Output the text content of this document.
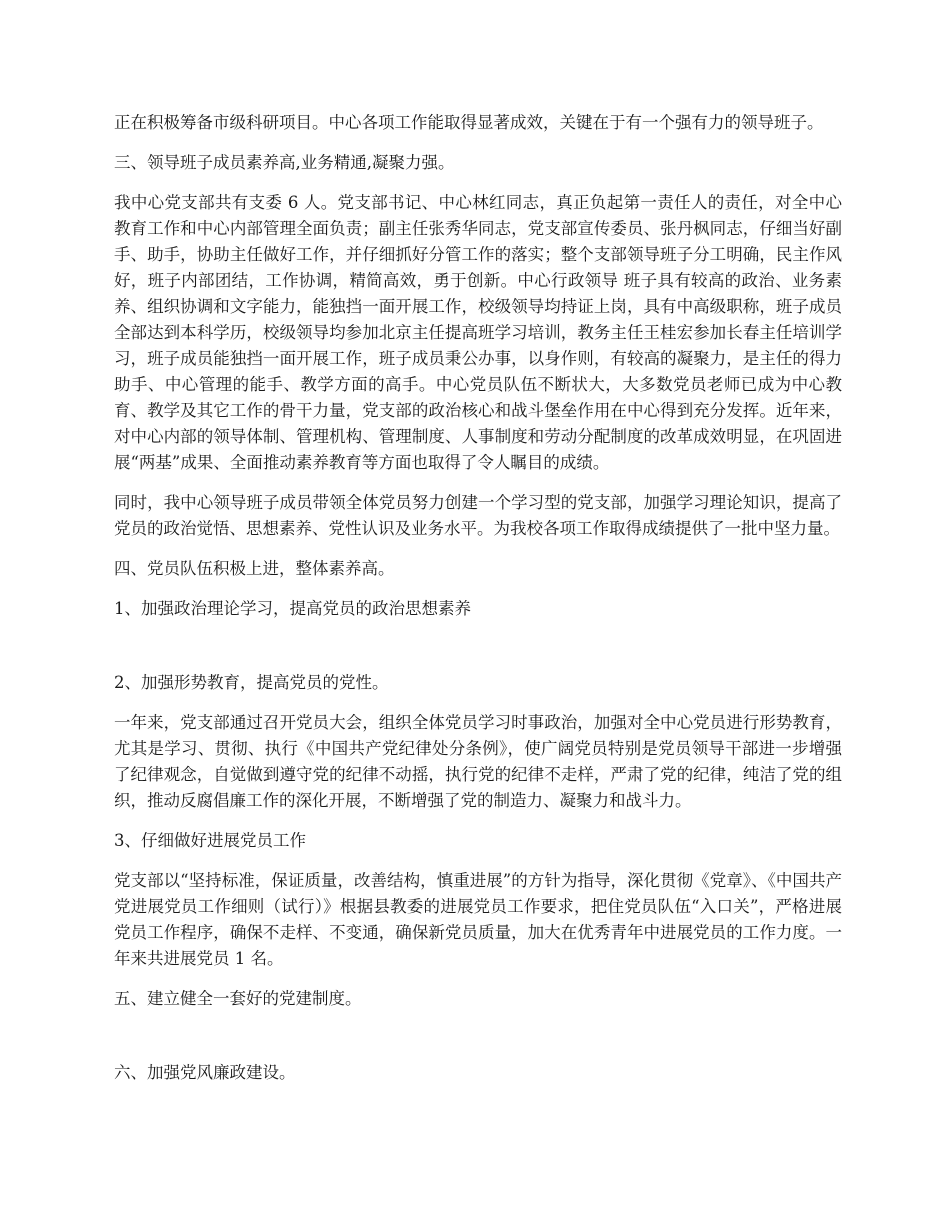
正在积极筹备市级科研项目。中心各项工作能取得显著成效，关键在于有一个强有力的领导班子。

三、领导班子成员素养高,业务精通,凝聚力强。

我中心党支部共有支委 6 人。党支部书记、中心林红同志，真正负起第一责任人的责任，对全中心教育工作和中心内部管理全面负责；副主任张秀华同志，党支部宣传委员、张丹枫同志，仔细当好副手、助手，协助主任做好工作，并仔细抓好分管工作的落实；整个支部领导班子分工明确，民主作风好，班子内部团结，工作协调，精简高效，勇于创新。中心行政领导 班子具有较高的政治、业务素养、组织协调和文字能力，能独挡一面开展工作，校级领导均持证上岗，具有中高级职称，班子成员全部达到本科学历，校级领导均参加北京主任提高班学习培训，教务主任王桂宏参加长春主任培训学习，班子成员能独挡一面开展工作，班子成员秉公办事，以身作则，有较高的凝聚力，是主任的得力助手、中心管理的能手、教学方面的高手。中心党员队伍不断状大，大多数党员老师已成为中心教育、教学及其它工作的骨干力量，党支部的政治核心和战斗堡垒作用在中心得到充分发挥。近年来，对中心内部的领导体制、管理机构、管理制度、人事制度和劳动分配制度的改革成效明显，在巩固进展“两基”成果、全面推动素养教育等方面也取得了令人瞩目的成绩。

同时，我中心领导班子成员带领全体党员努力创建一个学习型的党支部，加强学习理论知识，提高了党员的政治觉悟、思想素养、党性认识及业务水平。为我校各项工作取得成绩提供了一批中坚力量。

四、党员队伍积极上进，整体素养高。

1、加强政治理论学习，提高党员的政治思想素养

2、加强形势教育，提高党员的党性。

一年来，党支部通过召开党员大会，组织全体党员学习时事政治，加强对全中心党员进行形势教育，尤其是学习、贯彻、执行《中国共产党纪律处分条例》，使广阔党员特别是党员领导干部进一步增强了纪律观念，自觉做到遵守党的纪律不动摇，执行党的纪律不走样，严肃了党的纪律，纯洁了党的组织，推动反腐倡廉工作的深化开展，不断增强了党的制造力、凝聚力和战斗力。

3、仔细做好进展党员工作

党支部以“坚持标准，保证质量，改善结构，慎重进展”的方针为指导，深化贯彻《党章》、《中国共产党进展党员工作细则（试行）》根据县教委的进展党员工作要求，把住党员队伍“入口关”，严格进展党员工作程序，确保不走样、不变通，确保新党员质量，加大在优秀青年中进展党员的工作力度。一年来共进展党员 1 名。

五、建立健全一套好的党建制度。

六、加强党风廉政建设。
